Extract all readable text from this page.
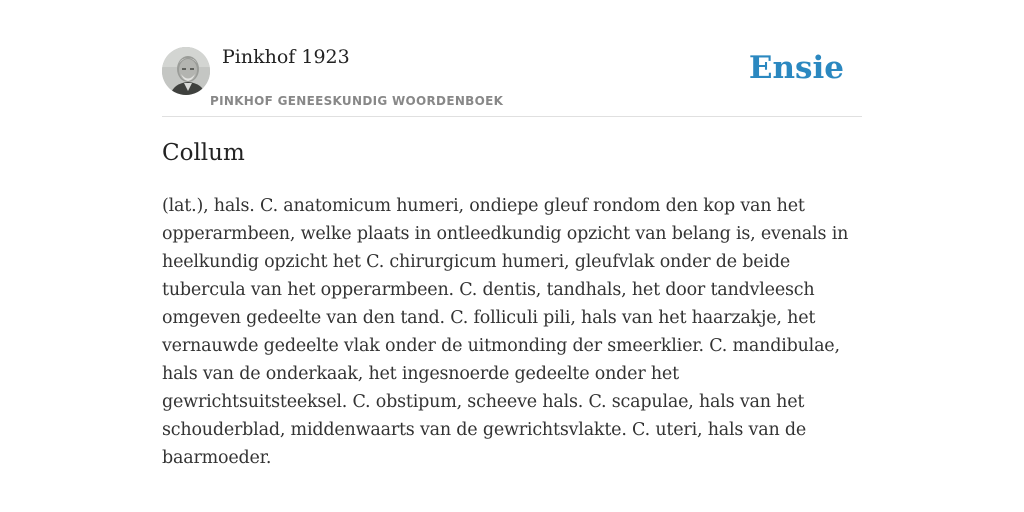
Pinkhof 1923
PINKHOF GENEESKUNDIG WOORDENBOEK
Ensie
Collum

(lat.), hals. C. anatomicum humeri, ondiepe gleuf rondom den kop van het opperarmbeen, welke plaats in ontleedkundig opzicht van belang is, evenals in heelkundig opzicht het C. chirurgicum humeri, gleufvlak onder de beide tubercula van het opperarmbeen. C. dentis, tandhals, het door tandvleesch omgeven gedeelte van den tand. C. folliculi pili, hals van het haarzakje, het vernauwde gedeelte vlak onder de uitmonding der smeerklier. C. mandibulae, hals van de onderkaak, het ingesnoerde gedeelte onder het gewrichtsuitsteeksel. C. obstipum, scheeve hals. C. scapulae, hals van het schouderblad, middenwaarts van de gewrichtsvlakte. C. uteri, hals van de baarmoeder.
